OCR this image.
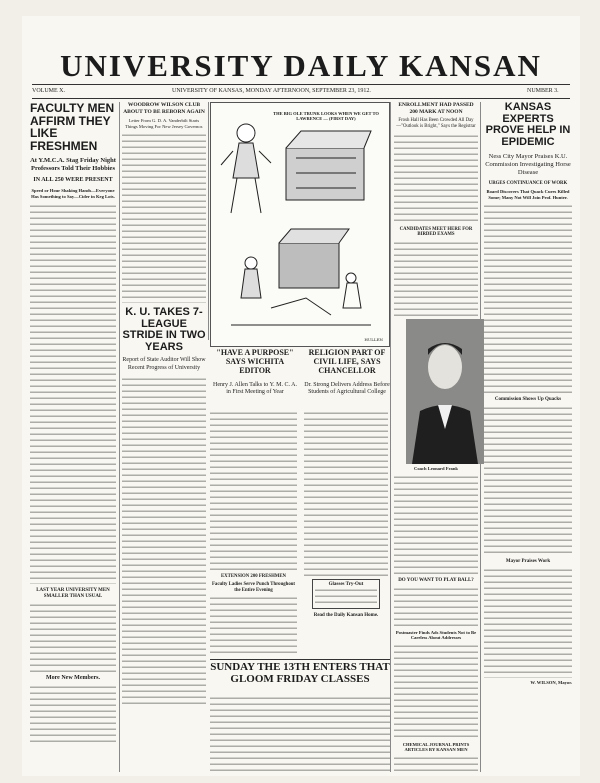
UNIVERSITY DAILY KANSAN
VOLUME X.	UNIVERSITY OF KANSAS, MONDAY AFTERNOON, SEPTEMBER 23, 1912.	NUMBER 3.
FACULTY MEN AFFIRM THEY LIKE FRESHMEN
At Y.M.C.A. Stag Friday Night Professors Told Their Hobbies
IN ALL 250 WERE PRESENT
Speed or Hour Shaking Hands—Everyone Has Something to Say—Cider in Keg Lots.
LAST YEAR UNIVERSITY MEN SMALLER THAN USUAL
More New Members.
WOODROW WILSON CLUB ABOUT TO BE REBORN AGAIN
Letter From G. D. A. Vanderbilt Starts Things Moving For New Jersey Governor.
K. U. TAKES 7-LEAGUE STRIDE IN TWO YEARS
Report of State Auditor Will Show Recent Progress of University
THE BIG OLE TRUNK LOOKS WHEN WE GET TO LAWRENCE — (FIRST DAY)
HULLEN
"HAVE A PURPOSE" SAYS WICHITA EDITOR
Henry J. Allen Talks to Y. M. C. A. in First Meeting of Year
RELIGION PART OF CIVIL LIFE, SAYS CHANCELLOR
Dr. Strong Delivers Address Before Students of Agricultural College
EXTENSION 200 FRESHMEN
Faculty Ladies Serve Punch Throughout the Entire Evening
Glasses Try-Out
Read the Daily Kansan Home.
SUNDAY THE 13TH ENTERS THAT GLOOM FRIDAY CLASSES
ENROLLMENT HAD PASSED 200 MARK AT NOON
Frosh Hall Has Been Crowded All Day—"Outlook is Bright," Says the Registrar
CANDIDATES MEET HERE FOR BIRDED EXAMS
Coach Leonard Frank
DO YOU WANT TO PLAY BALL?
Postmaster Finds Ads Students Not to Be Careless About Addresses
CHEMICAL JOURNAL PRINTS ARTICLES BY KANSAN MEN
KANSAS EXPERTS PROVE HELP IN EPIDEMIC
Ness City Mayor Praises K.U. Commission Investigating Horse Disease
URGES CONTINUANCE OF WORK
Board Discovers That Quack Cures Killed Some; Many Not Will Join Prof. Hunter.
Commission Shows Up Quacks
Mayor Praises Work
W. WILSON, Mayor.
